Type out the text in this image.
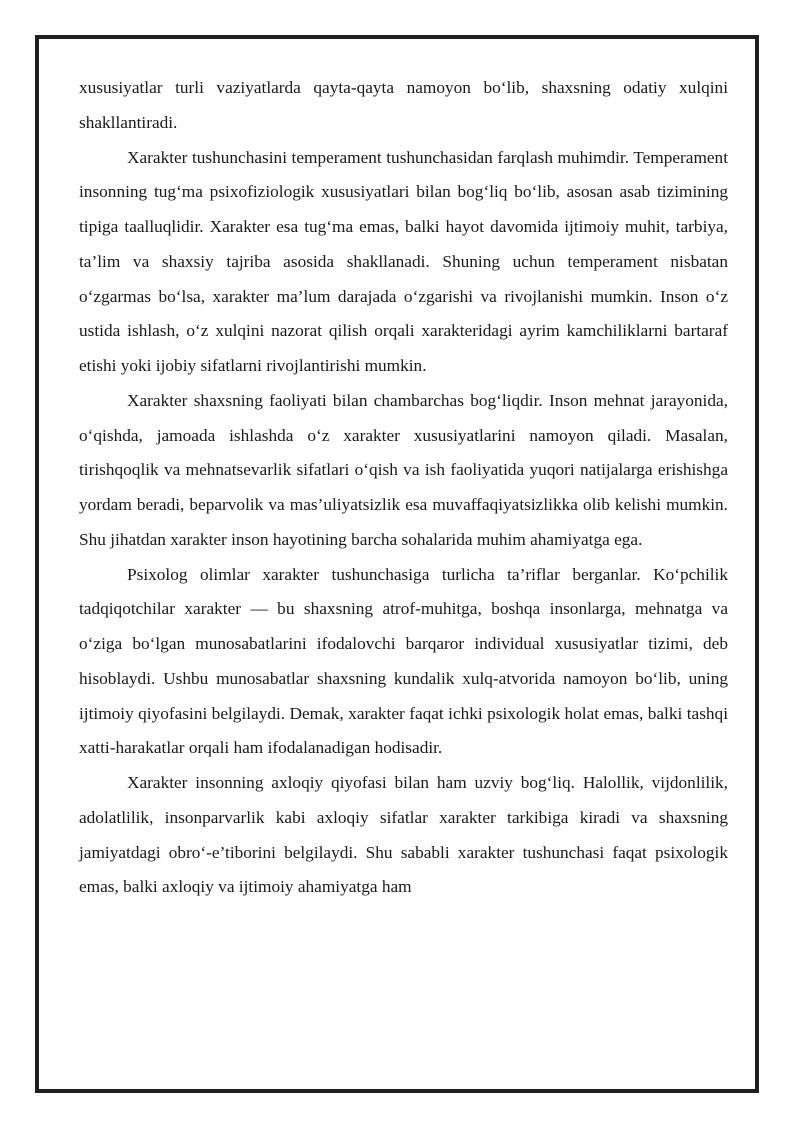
xususiyatlar turli vaziyatlarda qayta-qayta namoyon bo‘lib, shaxsning odatiy xulqini shakllantiradi.

Xarakter tushunchasini temperament tushunchasidan farqlash muhimdir. Temperament insonning tug‘ma psixofiziologik xususiyatlari bilan bog‘liq bo‘lib, asosan asab tizimining tipiga taalluqlidir. Xarakter esa tug‘ma emas, balki hayot davomida ijtimoiy muhit, tarbiya, ta’lim va shaxsiy tajriba asosida shakllanadi. Shuning uchun temperament nisbatan o‘zgarmas bo‘lsa, xarakter ma’lum darajada o‘zgarishi va rivojlanishi mumkin. Inson o‘z ustida ishlash, o‘z xulqini nazorat qilish orqali xarakteridagi ayrim kamchiliklarni bartaraf etishi yoki ijobiy sifatlarni rivojlantirishi mumkin.

Xarakter shaxsning faoliyati bilan chambarchas bog‘liqdir. Inson mehnat jarayonida, o‘qishda, jamoada ishlashda o‘z xarakter xususiyatlarini namoyon qiladi. Masalan, tirishqoqlik va mehnatsevarlik sifatlari o‘qish va ish faoliyatida yuqori natijalarga erishishga yordam beradi, beparvolik va mas’uliyatsizlik esa muvaffaqiyatsizlikka olib kelishi mumkin. Shu jihatdan xarakter inson hayotining barcha sohalarida muhim ahamiyatga ega.

Psixolog olimlar xarakter tushunchasiga turlicha ta’riflar berganlar. Ko‘pchilik tadqiqotchilar xarakter — bu shaxsning atrof-muhitga, boshqa insonlarga, mehnatga va o‘ziga bo‘lgan munosabatlarini ifodalovchi barqaror individual xususiyatlar tizimi, deb hisoblaydi. Ushbu munosabatlar shaxsning kundalik xulq-atvorida namoyon bo‘lib, uning ijtimoiy qiyofasini belgilaydi. Demak, xarakter faqat ichki psixologik holat emas, balki tashqi xatti-harakatlar orqali ham ifodalanadigan hodisadir.

Xarakter insonning axloqiy qiyofasi bilan ham uzviy bog‘liq. Halollik, vijdonlilik, adolatlilik, insonparvarlik kabi axloqiy sifatlar xarakter tarkibiga kiradi va shaxsning jamiyatdagi obro‘-e’tiborini belgilaydi. Shu sababli xarakter tushunchasi faqat psixologik emas, balki axloqiy va ijtimoiy ahamiyatga ham
